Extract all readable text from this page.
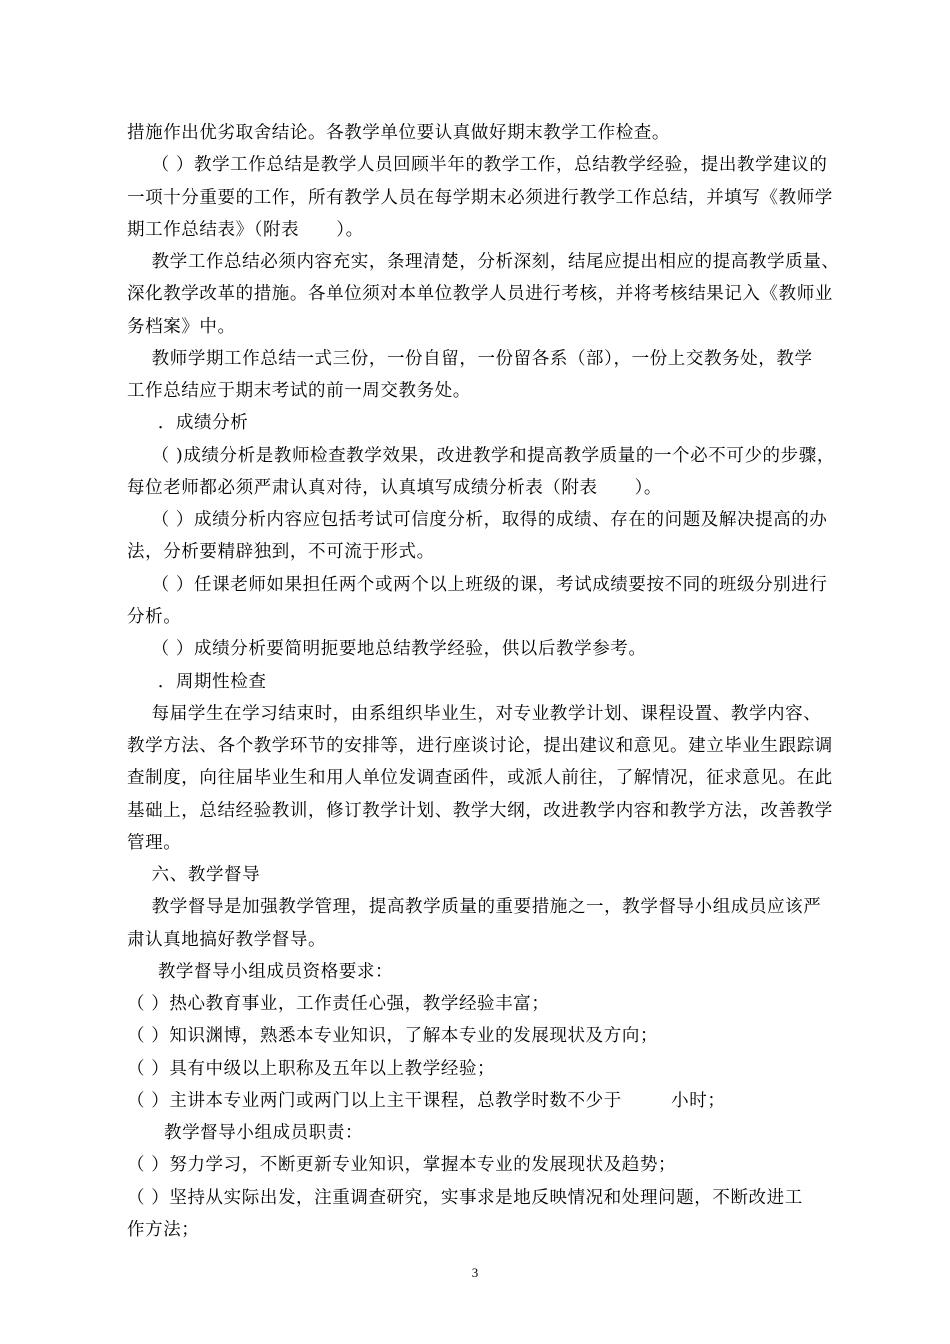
措施作出优劣取舍结论。各教学单位要认真做好期末教学工作检查。
（ ）教学工作总结是教学人员回顾半年的教学工作，总结教学经验，提出教学建议的
一项十分重要的工作，所有教学人员在每学期末必须进行教学工作总结，并填写《教师学
期工作总结表》（附表      ）。
教学工作总结必须内容充实，条理清楚，分析深刻，结尾应提出相应的提高教学质量、
深化教学改革的措施。各单位须对本单位教学人员进行考核，并将考核结果记入《教师业
务档案》中。
教师学期工作总结一式三份，一份自留，一份留各系（部），一份上交教务处，教学
工作总结应于期末考试的前一周交教务处。
．成绩分析
（ )成绩分析是教师检查教学效果，改进教学和提高教学质量的一个必不可少的步骤，
每位老师都必须严肃认真对待，认真填写成绩分析表（附表      ）。
（ ）成绩分析内容应包括考试可信度分析，取得的成绩、存在的问题及解决提高的办
法，分析要精辟独到，不可流于形式。
（ ）任课老师如果担任两个或两个以上班级的课，考试成绩要按不同的班级分别进行
分析。
（ ）成绩分析要简明扼要地总结教学经验，供以后教学参考。
．周期性检查
每届学生在学习结束时，由系组织毕业生，对专业教学计划、课程设置、教学内容、
教学方法、各个教学环节的安排等，进行座谈讨论，提出建议和意见。建立毕业生跟踪调
查制度，向往届毕业生和用人单位发调查函件，或派人前往，了解情况，征求意见。在此
基础上，总结经验教训，修订教学计划、教学大纲，改进教学内容和教学方法，改善教学
管理。
六、教学督导
教学督导是加强教学管理，提高教学质量的重要措施之一，教学督导小组成员应该严
肃认真地搞好教学督导。
教学督导小组成员资格要求：
（ ）热心教育事业，工作责任心强，教学经验丰富；
（ ）知识渊博，熟悉本专业知识，了解本专业的发展现状及方向；
（ ）具有中级以上职称及五年以上教学经验；
（ ）主讲本专业两门或两门以上主干课程，总教学时数不少于        小时；
教学督导小组成员职责：
（ ）努力学习，不断更新专业知识，掌握本专业的发展现状及趋势；
（ ）坚持从实际出发，注重调查研究，实事求是地反映情况和处理问题，不断改进工
作方法；
3
